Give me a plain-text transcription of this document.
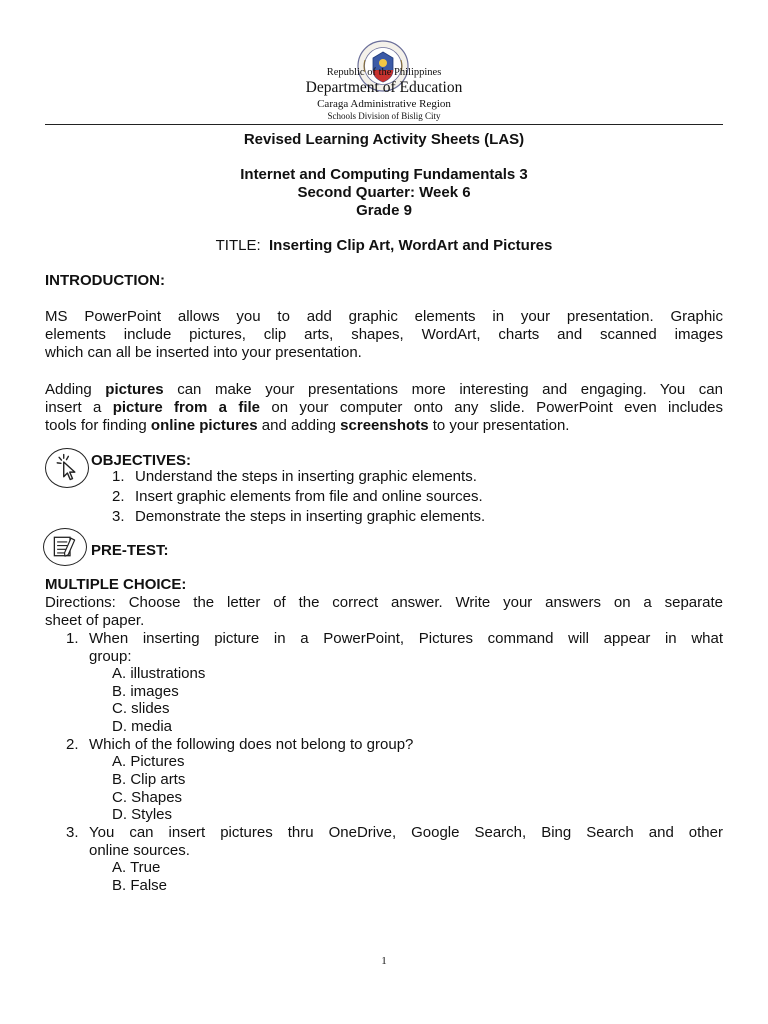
Republic of the Philippines
Department of Education
Caraga Administrative Region
Schools Division of Bislig City
Revised Learning Activity Sheets (LAS)
Internet and Computing Fundamentals 3
Second Quarter: Week 6
Grade 9
TITLE: Inserting Clip Art, WordArt and Pictures
INTRODUCTION:
MS PowerPoint allows you to add graphic elements in your presentation. Graphic
elements include pictures, clip arts, shapes, WordArt, charts and scanned images
which can all be inserted into your presentation.
Adding pictures can make your presentations more interesting and engaging. You can
insert a picture from a file on your computer onto any slide. PowerPoint even includes
tools for finding online pictures and adding screenshots to your presentation.
OBJECTIVES:
1. Understand the steps in inserting graphic elements.
2. Insert graphic elements from file and online sources.
3. Demonstrate the steps in inserting graphic elements.
PRE-TEST:
MULTIPLE CHOICE:
Directions: Choose the letter of the correct answer. Write your answers on a separate
sheet of paper.
1. When inserting picture in a PowerPoint, Pictures command will appear in what
group:
A. illustrations
B. images
C. slides
D. media
2. Which of the following does not belong to group?
A. Pictures
B. Clip arts
C. Shapes
D. Styles
3. You can insert pictures thru OneDrive, Google Search, Bing Search and other
online sources.
A. True
B. False
1
